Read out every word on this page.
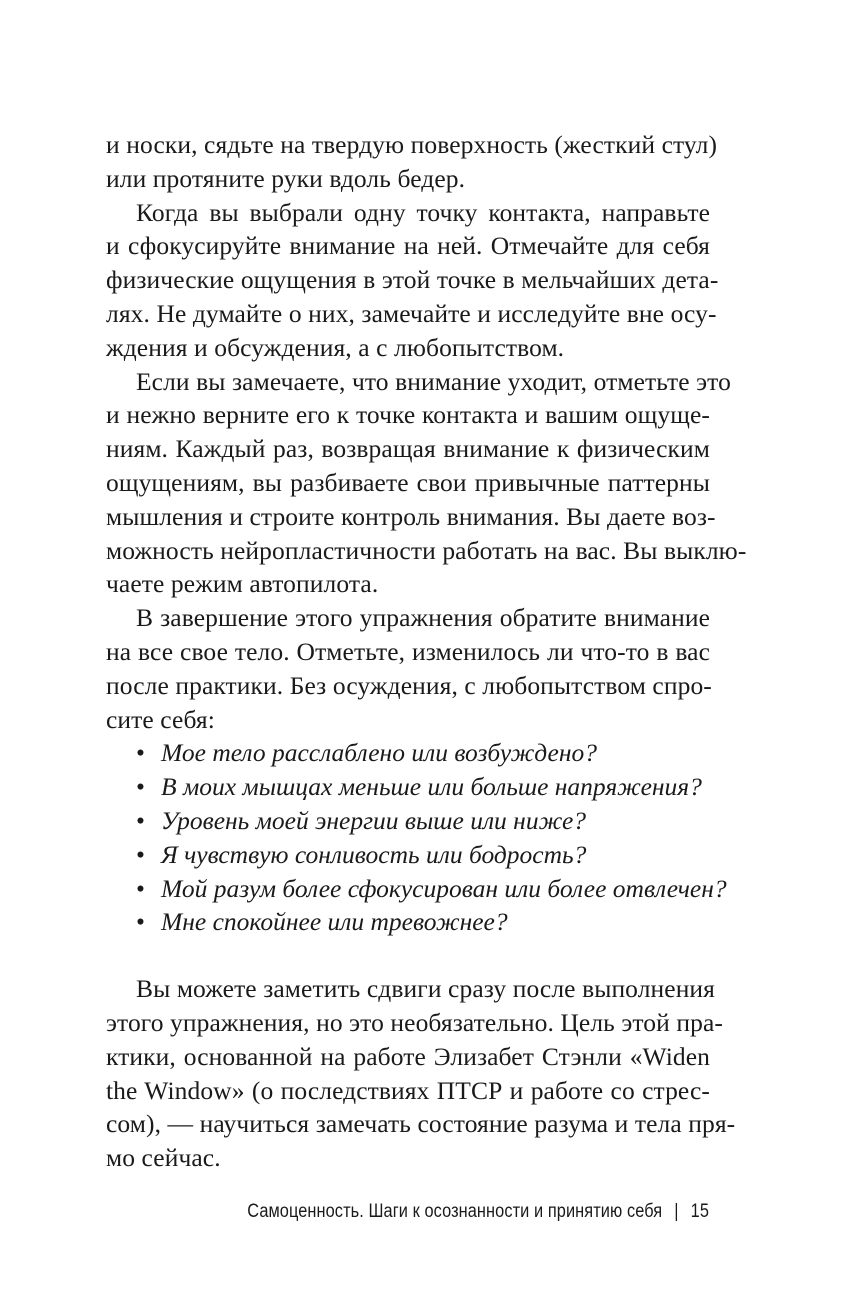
и носки, сядьте на твердую поверхность (жесткий стул)
или протяните руки вдоль бедер.
Когда вы выбрали одну точку контакта, направьте
и сфокусируйте внимание на ней. Отмечайте для себя
физические ощущения в этой точке в мельчайших дета-
лях. Не думайте о них, замечайте и исследуйте вне осу-
ждения и обсуждения, а с любопытством.
Если вы замечаете, что внимание уходит, отметьте это
и нежно верните его к точке контакта и вашим ощуще-
ниям. Каждый раз, возвращая внимание к физическим
ощущениям, вы разбиваете свои привычные паттерны
мышления и строите контроль внимания. Вы даете воз-
можность нейропластичности работать на вас. Вы выклю-
чаете режим автопилота.
В завершение этого упражнения обратите внимание
на все свое тело. Отметьте, изменилось ли что-то в вас
после практики. Без осуждения, с любопытством спро-
сите себя:
• Мое тело расслаблено или возбуждено?
• В моих мышцах меньше или больше напряжения?
• Уровень моей энергии выше или ниже?
• Я чувствую сонливость или бодрость?
• Мой разум более сфокусирован или более отвлечен?
• Мне спокойнее или тревожнее?
Вы можете заметить сдвиги сразу после выполнения
этого упражнения, но это необязательно. Цель этой пра-
ктики, основанной на работе Элизабет Стэнли «Widen
the Window» (о последствиях ПТСР и работе со стрес-
сом), — научиться замечать состояние разума и тела пря-
мо сейчас.
Самоценность. Шаги к осознанности и принятию себя | 15
